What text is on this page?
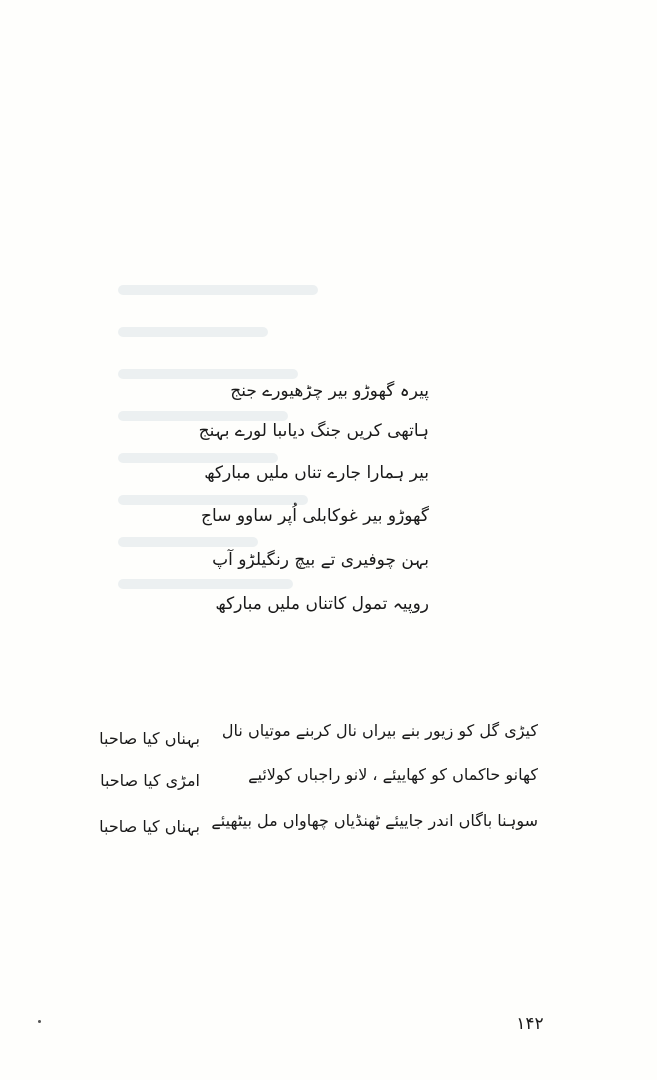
پیرہ گھوڑو بیر چڑھیورے جنج
ہاتھی کریں جنگ دیاںبا لورے بہنج
بیر ہمارا جارے تناں ملیں مبارکھ
گھوڑو بیر غوکابلی اُپر ساوو ساج
بہن چوفیری تے بیچ رنگیلڑو آپ
روپیہ تمول کاتناں ملیں مبارکھ
کیڑی گل کو زیور بنے بیراں نال کربنے موتیاں نال
بہناں کیا صاحبا
کھانو حاکماں کو کھاییئے ، لانو راجباں کولائیے
امڑی کیا صاحبا
سوہنا باگاں اندر جاییئے ٹھنڈیاں چھاواں مل بیٹھیئے
بہناں کیا صاحبا
۱۴۲
